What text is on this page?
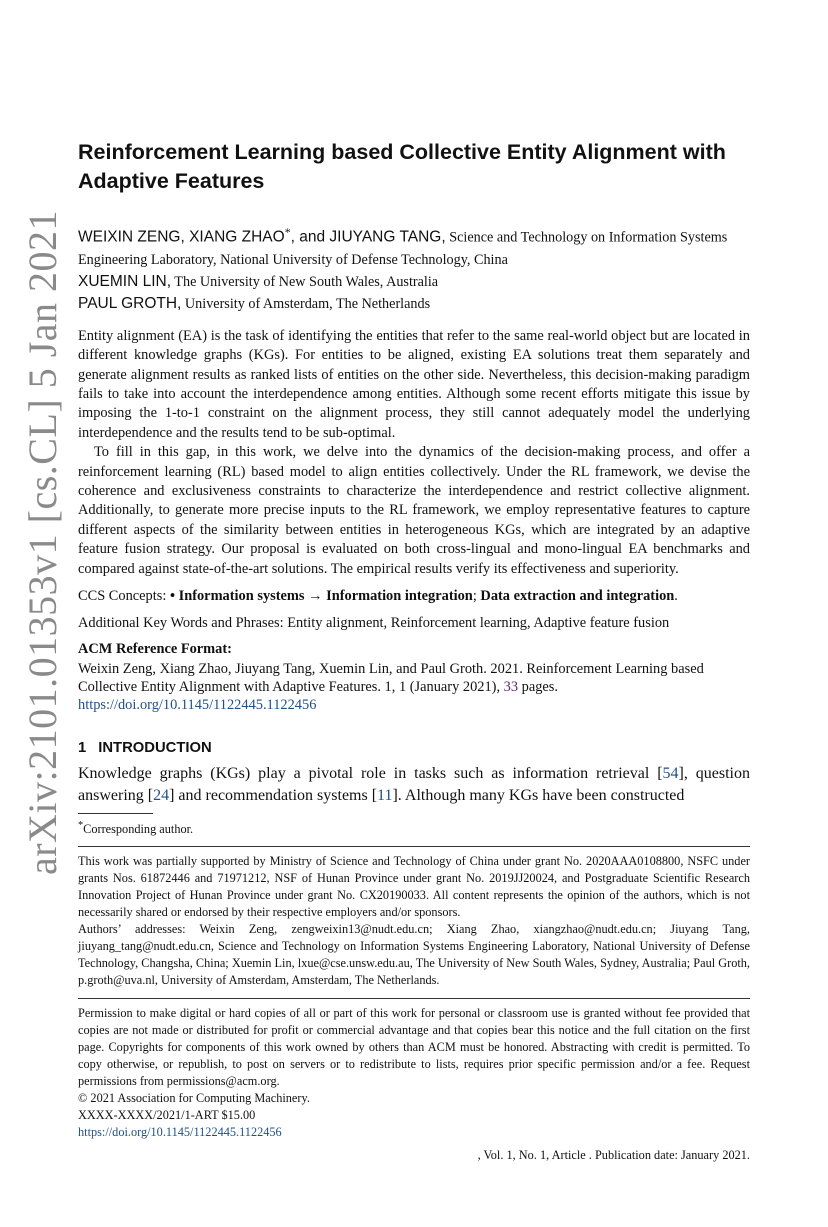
arXiv:2101.01353v1 [cs.CL] 5 Jan 2021
Reinforcement Learning based Collective Entity Alignment with Adaptive Features
WEIXIN ZENG, XIANG ZHAO*, and JIUYANG TANG, Science and Technology on Information Systems Engineering Laboratory, National University of Defense Technology, China
XUEMIN LIN, The University of New South Wales, Australia
PAUL GROTH, University of Amsterdam, The Netherlands

Entity alignment (EA) is the task of identifying the entities that refer to the same real-world object but are located in different knowledge graphs (KGs). For entities to be aligned, existing EA solutions treat them separately and generate alignment results as ranked lists of entities on the other side. Nevertheless, this decision-making paradigm fails to take into account the interdependence among entities. Although some recent efforts mitigate this issue by imposing the 1-to-1 constraint on the alignment process, they still cannot adequately model the underlying interdependence and the results tend to be sub-optimal.

To fill in this gap, in this work, we delve into the dynamics of the decision-making process, and offer a reinforcement learning (RL) based model to align entities collectively. Under the RL framework, we devise the coherence and exclusiveness constraints to characterize the interdependence and restrict collective alignment. Additionally, to generate more precise inputs to the RL framework, we employ representative features to capture different aspects of the similarity between entities in heterogeneous KGs, which are integrated by an adaptive feature fusion strategy. Our proposal is evaluated on both cross-lingual and mono-lingual EA benchmarks and compared against state-of-the-art solutions. The empirical results verify its effectiveness and superiority.

CCS Concepts: • Information systems → Information integration; Data extraction and integration.

Additional Key Words and Phrases: Entity alignment, Reinforcement learning, Adaptive feature fusion

ACM Reference Format:

Weixin Zeng, Xiang Zhao, Jiuyang Tang, Xuemin Lin, and Paul Groth. 2021. Reinforcement Learning based Collective Entity Alignment with Adaptive Features. 1, 1 (January 2021), 33 pages. https://doi.org/10.1145/1122445.1122456

1 INTRODUCTION

Knowledge graphs (KGs) play a pivotal role in tasks such as information retrieval [54], question answering [24] and recommendation systems [11]. Although many KGs have been constructed

*Corresponding author.

This work was partially supported by Ministry of Science and Technology of China under grant No. 2020AAA0108800, NSFC under grants Nos. 61872446 and 71971212, NSF of Hunan Province under grant No. 2019JJ20024, and Postgraduate Scientific Research Innovation Project of Hunan Province under grant No. CX20190033. All content represents the opinion of the authors, which is not necessarily shared or endorsed by their respective employers and/or sponsors.

Authors’ addresses: Weixin Zeng, zengweixin13@nudt.edu.cn; Xiang Zhao, xiangzhao@nudt.edu.cn; Jiuyang Tang, jiuyang_tang@nudt.edu.cn, Science and Technology on Information Systems Engineering Laboratory, National University of Defense Technology, Changsha, China; Xuemin Lin, lxue@cse.unsw.edu.au, The University of New South Wales, Sydney, Australia; Paul Groth, p.groth@uva.nl, University of Amsterdam, Amsterdam, The Netherlands.

Permission to make digital or hard copies of all or part of this work for personal or classroom use is granted without fee provided that copies are not made or distributed for profit or commercial advantage and that copies bear this notice and the full citation on the first page. Copyrights for components of this work owned by others than ACM must be honored. Abstracting with credit is permitted. To copy otherwise, or republish, to post on servers or to redistribute to lists, requires prior specific permission and/or a fee. Request permissions from permissions@acm.org.

© 2021 Association for Computing Machinery.

XXXX-XXXX/2021/1-ART $15.00

https://doi.org/10.1145/1122445.1122456

, Vol. 1, No. 1, Article . Publication date: January 2021.
